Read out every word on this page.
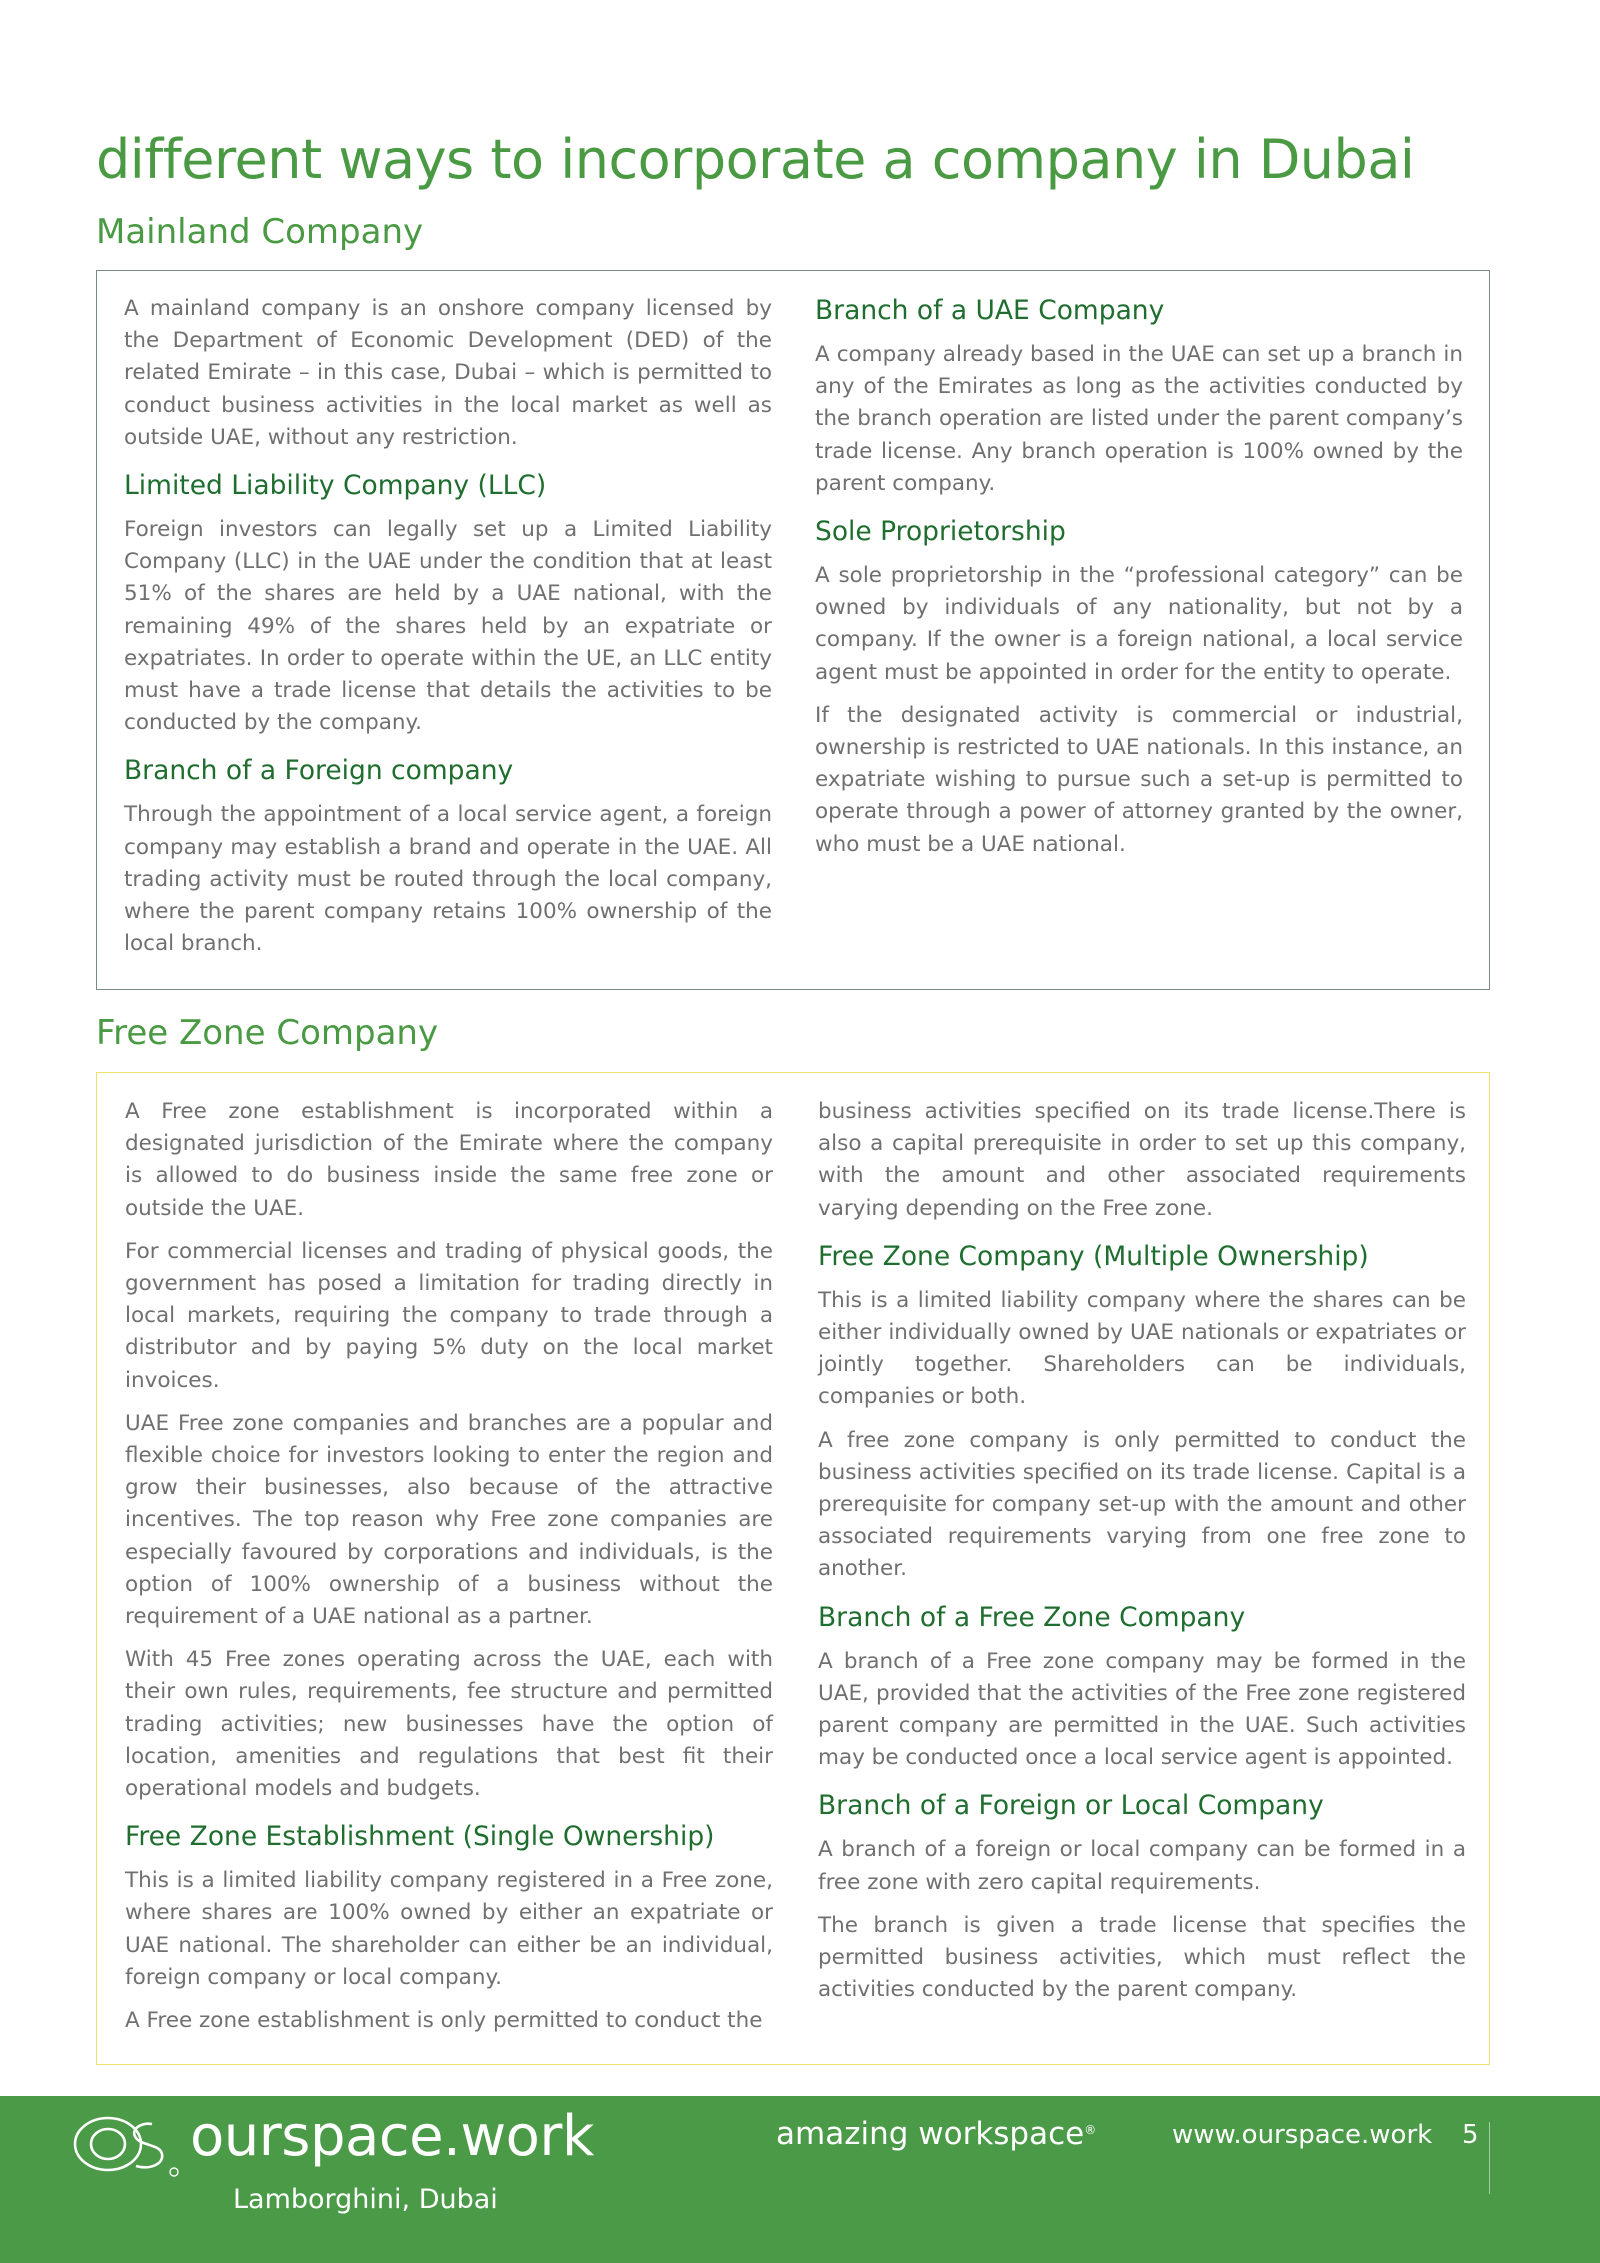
different ways to incorporate a company in Dubai
Mainland Company

A mainland company is an onshore company licensed by the Department of Economic Development (DED) of the related Emirate – in this case, Dubai – which is permitted to conduct business activities in the local market as well as outside UAE, without any restriction.

Limited Liability Company (LLC)

Foreign investors can legally set up a Limited Liability Company (LLC) in the UAE under the condition that at least 51% of the shares are held by a UAE national, with the remaining 49% of the shares held by an expatriate or expatriates. In order to operate within the UE, an LLC entity must have a trade license that details the activities to be conducted by the company.

Branch of a Foreign company

Through the appointment of a local service agent, a foreign company may establish a brand and operate in the UAE. All trading activity must be routed through the local company, where the parent company retains 100% ownership of the local branch.

Branch of a UAE Company

A company already based in the UAE can set up a branch in any of the Emirates as long as the activities conducted by the branch operation are listed under the parent company’s trade license. Any branch operation is 100% owned by the parent company.

Sole Proprietorship

A sole proprietorship in the “professional category” can be owned by individuals of any nationality, but not by a company. If the owner is a foreign national, a local service agent must be appointed in order for the entity to operate.

If the designated activity is commercial or industrial, ownership is restricted to UAE nationals. In this instance, an expatriate wishing to pursue such a set-up is permitted to operate through a power of attorney granted by the owner, who must be a UAE national.

Free Zone Company

A Free zone establishment is incorporated within a designated jurisdiction of the Emirate where the company is allowed to do business inside the same free zone or outside the UAE.

For commercial licenses and trading of physical goods, the government has posed a limitation for trading directly in local markets, requiring the company to trade through a distributor and by paying 5% duty on the local market invoices.

UAE Free zone companies and branches are a popular and flexible choice for investors looking to enter the region and grow their businesses, also because of the attractive incentives. The top reason why Free zone companies are especially favoured by corporations and individuals, is the option of 100% ownership of a business without the requirement of a UAE national as a partner.

With 45 Free zones operating across the UAE, each with their own rules, requirements, fee structure and permitted trading activities; new businesses have the option of location, amenities and regulations that best fit their operational models and budgets.

Free Zone Establishment (Single Ownership)

This is a limited liability company registered in a Free zone, where shares are 100% owned by either an expatriate or UAE national. The shareholder can either be an individual, foreign company or local company.

A Free zone establishment is only permitted to conduct the

business activities specified on its trade license.There is also a capital prerequisite in order to set up this company, with the amount and other associated requirements varying depending on the Free zone.

Free Zone Company (Multiple Ownership)

This is a limited liability company where the shares can be either individually owned by UAE nationals or expatriates or jointly together. Shareholders can be individuals, companies or both.

A free zone company is only permitted to conduct the business activities specified on its trade license. Capital is a prerequisite for company set-up with the amount and other associated requirements varying from one free zone to another.

Branch of a Free Zone Company

A branch of a Free zone company may be formed in the UAE, provided that the activities of the Free zone registered parent company are permitted in the UAE. Such activities may be conducted once a local service agent is appointed.

Branch of a Foreign or Local Company

A branch of a foreign or local company can be formed in a free zone with zero capital requirements.

The branch is given a trade license that specifies the permitted business activities, which must reflect the activities conducted by the parent company.

ourspace.work
Lamborghini, Dubai
amazing workspace®	www.ourspace.work 5
